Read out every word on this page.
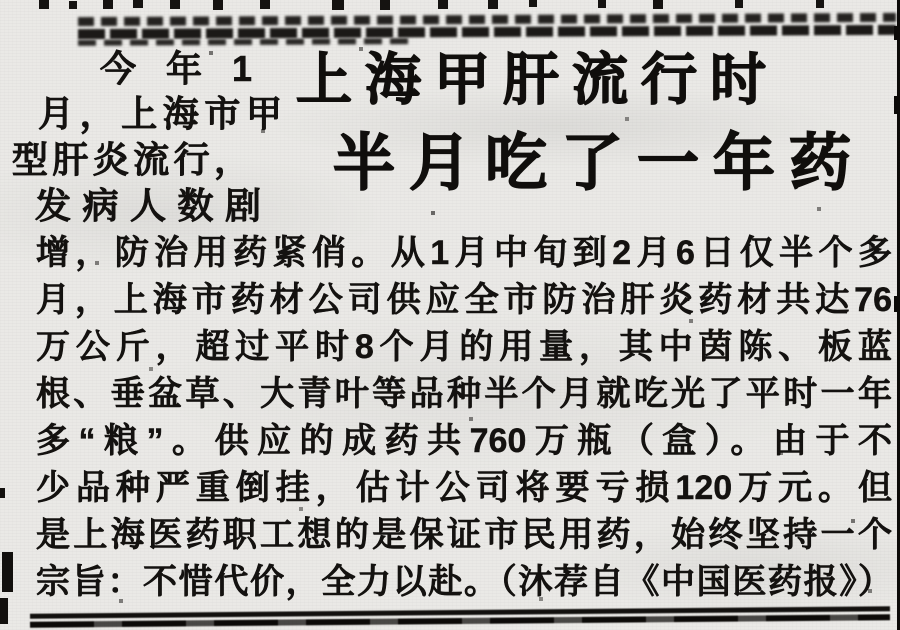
今 年 1
月，上海市甲
型肝炎流行，
发病人数剧
上海甲肝流行时
半月吃了一年药
增，防治用药紧俏。从1月中旬到2月6日仅半个多
月，上海市药材公司供应全市防治肝炎药材共达76
万公斤，超过平时8个月的用量，其中茵陈、板蓝
根、垂盆草、大青叶等品种半个月就吃光了平时一年
多“粮”。供应的成药共760万瓶（盒）。由于不
少品种严重倒挂，估计公司将要亏损120万元。但
是上海医药职工想的是保证市民用药，始终坚持一个
宗旨：不惜代价，全力以赴。（沐荐自《中国医药报》）
